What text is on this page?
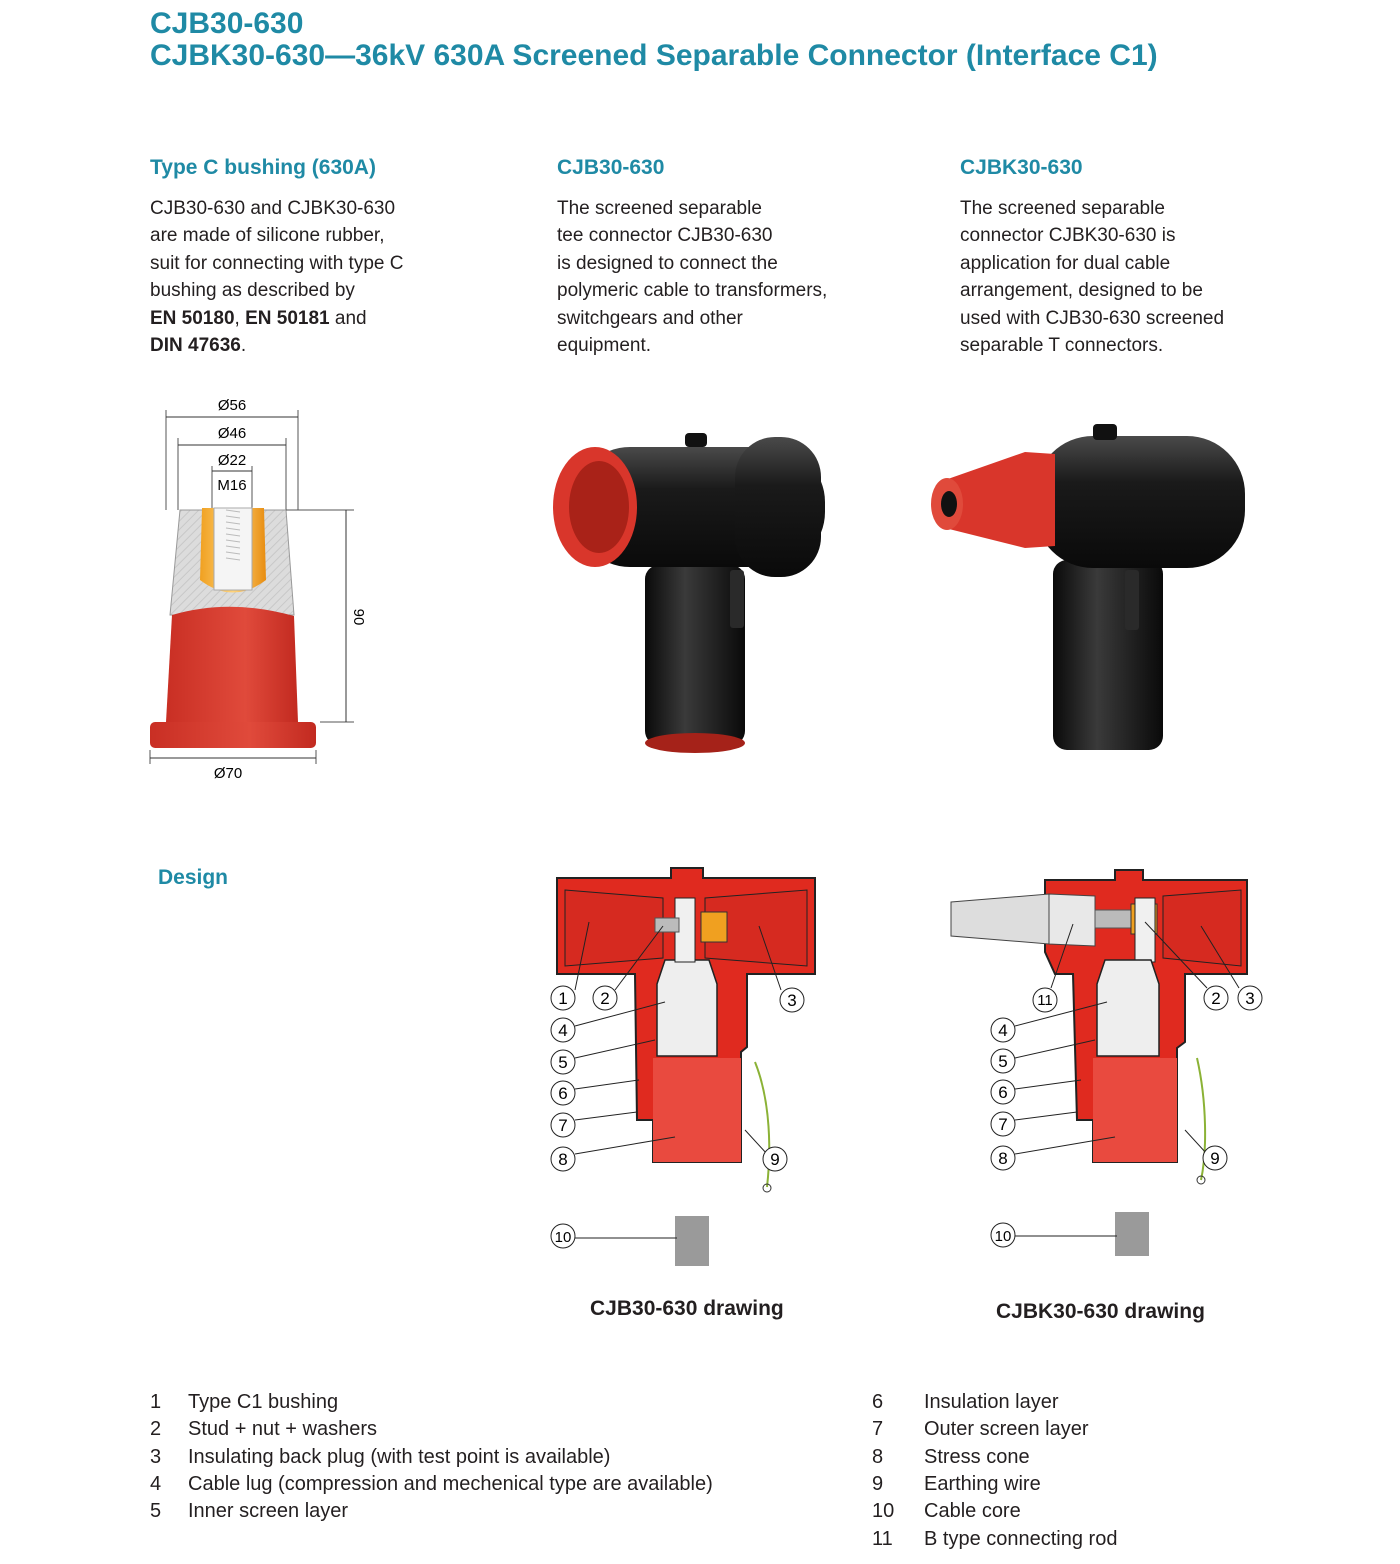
CJB30-630
CJBK30-630—36kV 630A Screened Separable Connector (Interface C1)
Type C bushing (630A)
CJB30-630 and CJBK30-630
are made of silicone rubber,
suit for connecting with type C
bushing as described by
EN 50180, EN 50181 and
DIN 47636.
CJB30-630
The screened separable
tee connector CJB30-630
is designed to connect the
polymeric cable to transformers,
switchgears and other
equipment.
CJBK30-630
The screened separable
connector CJBK30-630 is
application for dual cable
arrangement, designed to be
used with CJB30-630 screened
separable T connectors.
Ø56
Ø46
Ø22
M16
90
Ø70
Design
1 2	3
4
5
6
7
8	9
10
11	2 3
4
5
6
7
8	9
10
CJB30-630 drawing	CJBK30-630 drawing
1 Type C1 bushing
2 Stud + nut + washers
3 Insulating back plug (with test point is available)
4 Cable lug (compression and mechenical type are available)
5 Inner screen layer
6 Insulation layer
7 Outer screen layer
8 Stress cone
9 Earthing wire
10 Cable core
11 B type connecting rod
